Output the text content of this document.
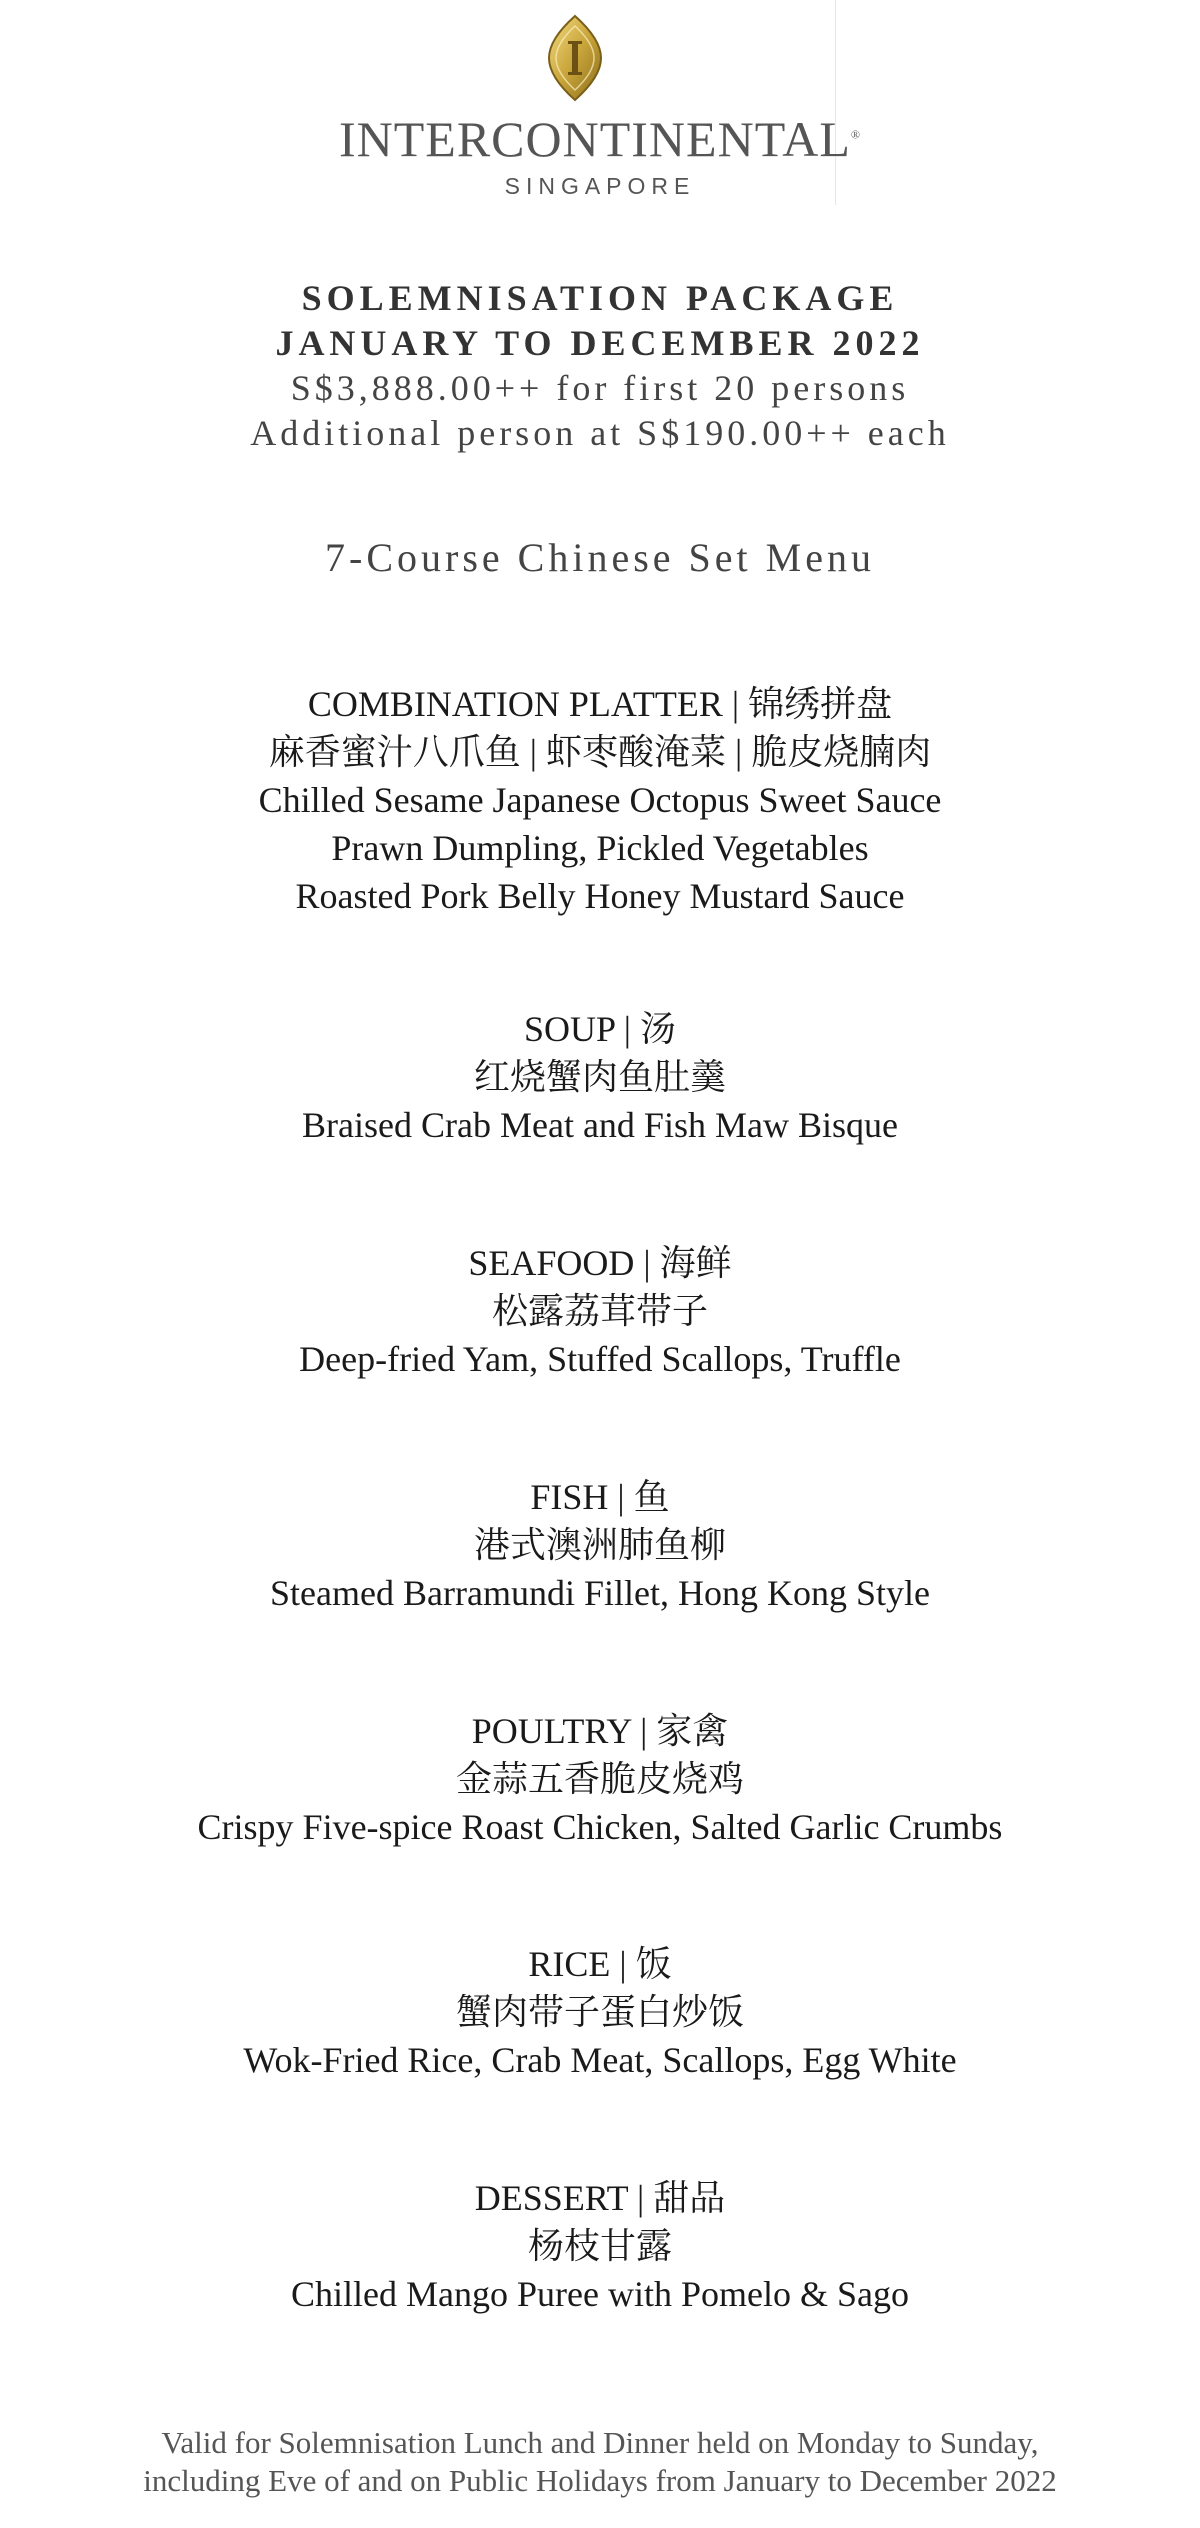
INTERCONTINENTAL®
SINGAPORE
SOLEMNISATION PACKAGE
JANUARY TO DECEMBER 2022
S$3,888.00++ for first 20 persons
Additional person at S$190.00++ each
7-Course Chinese Set Menu
COMBINATION PLATTER | 锦绣拼盘
麻香蜜汁八爪鱼 | 虾枣酸淹菜 | 脆皮烧腩肉
Chilled Sesame Japanese Octopus Sweet Sauce
Prawn Dumpling, Pickled Vegetables
Roasted Pork Belly Honey Mustard Sauce
SOUP | 汤
红烧蟹肉鱼肚羹
Braised Crab Meat and Fish Maw Bisque
SEAFOOD | 海鲜
松露荔茸带子
Deep-fried Yam, Stuffed Scallops, Truffle
FISH | 鱼
港式澳洲肺鱼柳
Steamed Barramundi Fillet, Hong Kong Style
POULTRY | 家禽
金蒜五香脆皮烧鸡
Crispy Five-spice Roast Chicken, Salted Garlic Crumbs
RICE | 饭
蟹肉带子蛋白炒饭
Wok-Fried Rice, Crab Meat, Scallops, Egg White
DESSERT | 甜品
杨枝甘露
Chilled Mango Puree with Pomelo & Sago
Valid for Solemnisation Lunch and Dinner held on Monday to Sunday,
including Eve of and on Public Holidays from January to December 2022
